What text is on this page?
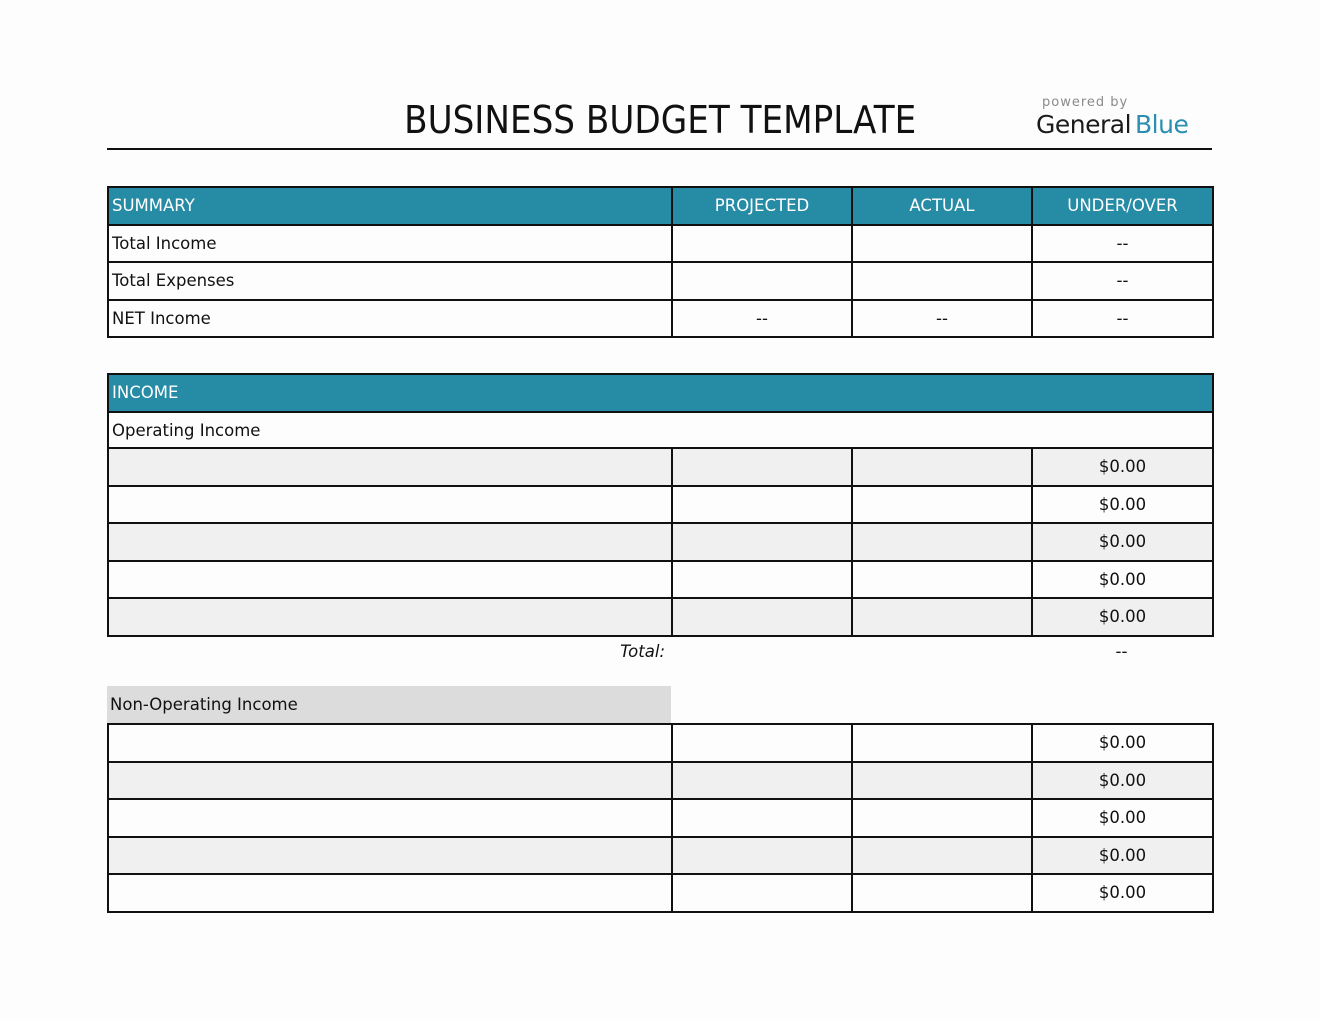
BUSINESS BUDGET TEMPLATE	powered by
General Blue
SUMMARY	PROJECTED	ACTUAL	UNDER/OVER
Total Income			--
Total Expenses			--
NET Income	--	--	--
INCOME
Operating Income
			$0.00
			$0.00
			$0.00
			$0.00
			$0.00
Total:	--
Non-Operating Income
			$0.00
			$0.00
			$0.00
			$0.00
			$0.00
